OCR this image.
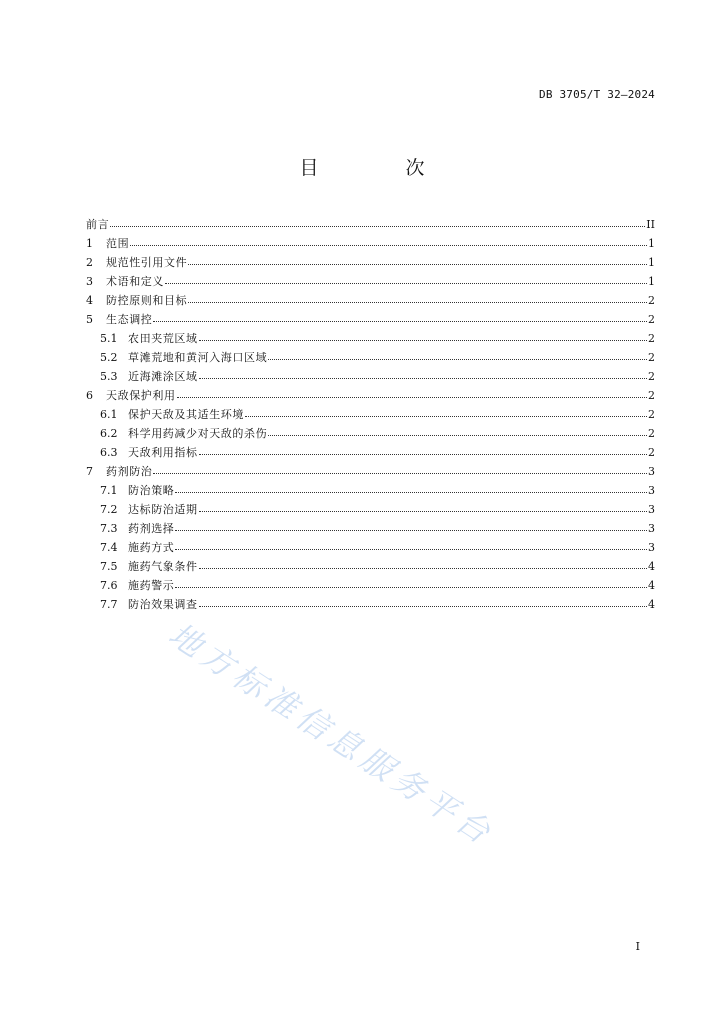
DB 3705/T 32—2024
目　次
前言	II
1	范围	1
2	规范性引用文件	1
3	术语和定义	1
4	防控原则和目标	2
5	生态调控	2
5.1 农田夹荒区域	2
5.2 草滩荒地和黄河入海口区域	2
5.3 近海滩涂区域	2
6	天敌保护利用	2
6.1 保护天敌及其适生环境	2
6.2 科学用药减少对天敌的杀伤	2
6.3 天敌利用指标	2
7	药剂防治	3
7.1 防治策略	3
7.2 达标防治适期	3
7.3 药剂选择	3
7.4 施药方式	3
7.5 施药气象条件	4
7.6 施药警示	4
7.7 防治效果调查	4
I
地方标准信息服务平台
